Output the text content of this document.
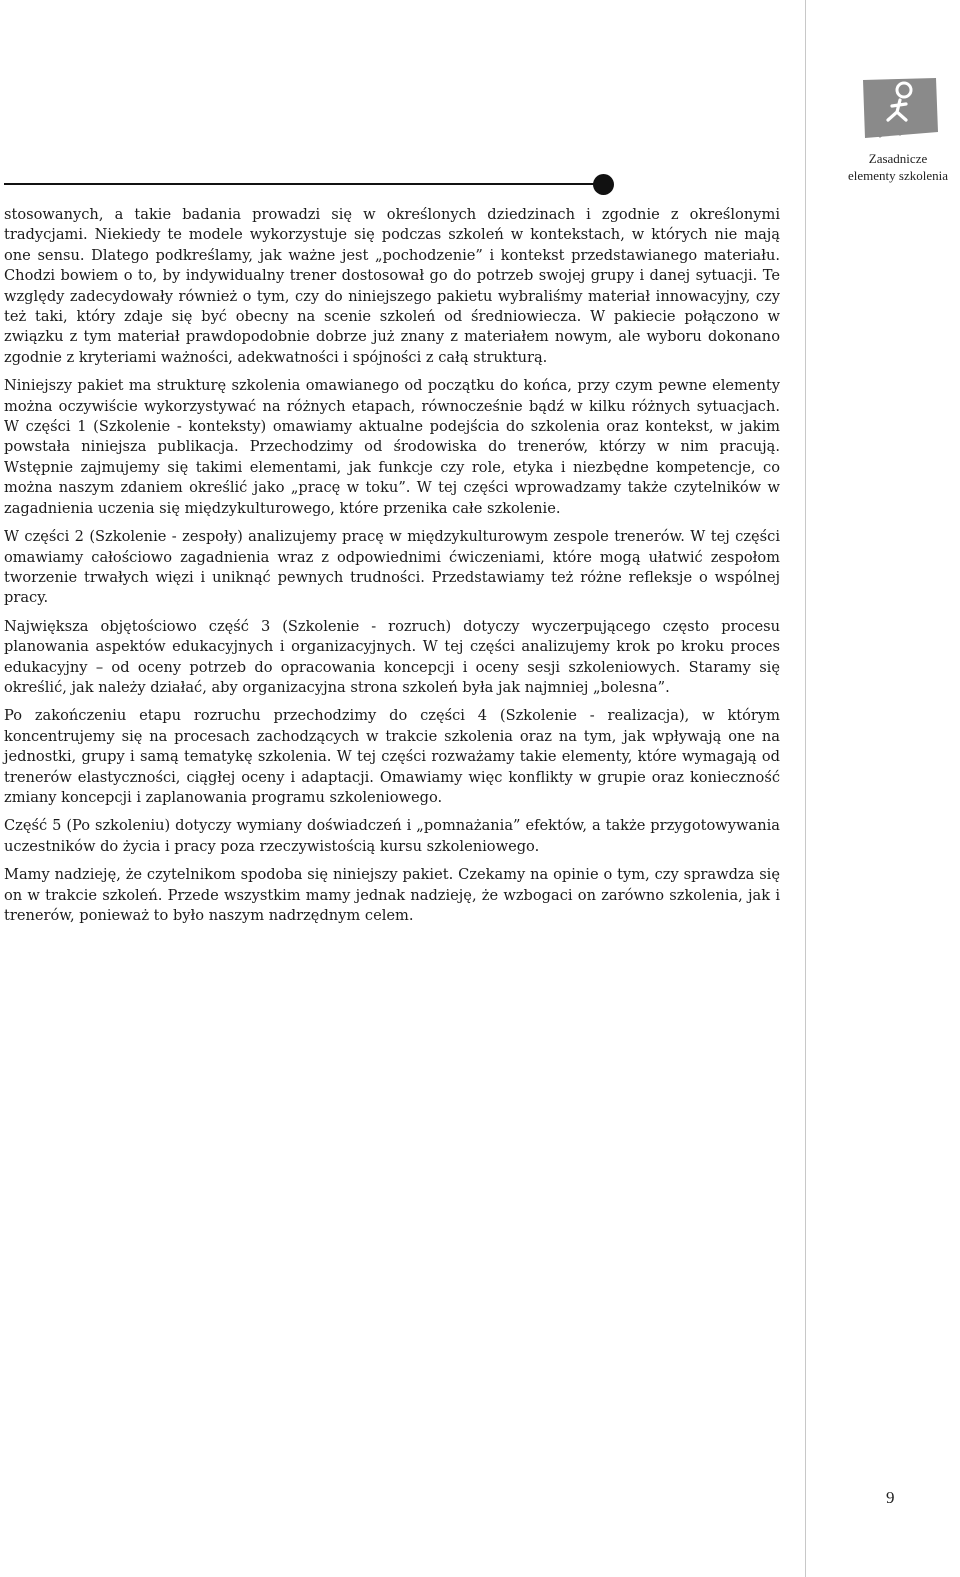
Zasadnicze
elementy szkolenia

stosowanych, a takie badania prowadzi się w określonych dziedzinach i zgodnie z określonymi tradycjami. Niekiedy te modele wykorzystuje się podczas szkoleń w kontekstach, w których nie mają one sensu. Dlatego podkreślamy, jak ważne jest „pochodzenie” i kontekst przedstawianego materiału. Chodzi bowiem o to, by indywidualny trener dostosował go do potrzeb swojej grupy i danej sytuacji. Te względy zadecydowały również o tym, czy do niniejszego pakietu wybraliśmy materiał innowacyjny, czy też taki, który zdaje się być obecny na scenie szkoleń od średniowiecza. W pakiecie połączono w związku z tym materiał prawdopodobnie dobrze już znany z materiałem nowym, ale wyboru dokonano zgodnie z kryteriami ważności, adekwatności i spójności z całą strukturą.

Niniejszy pakiet ma strukturę szkolenia omawianego od początku do końca, przy czym pewne elementy można oczywiście wykorzystywać na różnych etapach, równocześnie bądź w kilku różnych sytuacjach. W części 1 (Szkolenie - konteksty) omawiamy aktualne podejścia do szkolenia oraz kontekst, w jakim powstała niniejsza publikacja. Przechodzimy od środowiska do trenerów, którzy w nim pracują. Wstępnie zajmujemy się takimi elementami, jak funkcje czy role, etyka i niezbędne kompetencje, co można naszym zdaniem określić jako „pracę w toku”. W tej części wprowadzamy także czytelników w zagadnienia uczenia się międzykulturowego, które przenika całe szkolenie.

W części 2 (Szkolenie - zespoły) analizujemy pracę w międzykulturowym zespole trenerów. W tej części omawiamy całościowo zagadnienia wraz z odpowiednimi ćwiczeniami, które mogą ułatwić zespołom tworzenie trwałych więzi i uniknąć pewnych trudności. Przedstawiamy też różne refleksje o wspólnej pracy.

Największa objętościowo część 3 (Szkolenie - rozruch) dotyczy wyczerpującego często procesu planowania aspektów edukacyjnych i organizacyjnych. W tej części analizujemy krok po kroku proces edukacyjny – od oceny potrzeb do opracowania koncepcji i oceny sesji szkoleniowych. Staramy się określić, jak należy działać, aby organizacyjna strona szkoleń była jak najmniej „bolesna”.

Po zakończeniu etapu rozruchu przechodzimy do części 4 (Szkolenie - realizacja), w którym koncentrujemy się na procesach zachodzących w trakcie szkolenia oraz na tym, jak wpływają one na jednostki, grupy i samą tematykę szkolenia. W tej części rozważamy takie elementy, które wymagają od trenerów elastyczności, ciągłej oceny i adaptacji. Omawiamy więc konflikty w grupie oraz konieczność zmiany koncepcji i zaplanowania programu szkoleniowego.

Część 5 (Po szkoleniu) dotyczy wymiany doświadczeń i „pomnażania” efektów, a także przygotowywania uczestników do życia i pracy poza rzeczywistością kursu szkoleniowego.

Mamy nadzieję, że czytelnikom spodoba się niniejszy pakiet. Czekamy na opinie o tym, czy sprawdza się on w trakcie szkoleń. Przede wszystkim mamy jednak nadzieję, że wzbogaci on zarówno szkolenia, jak i trenerów, ponieważ to było naszym nadrzędnym celem.

9
